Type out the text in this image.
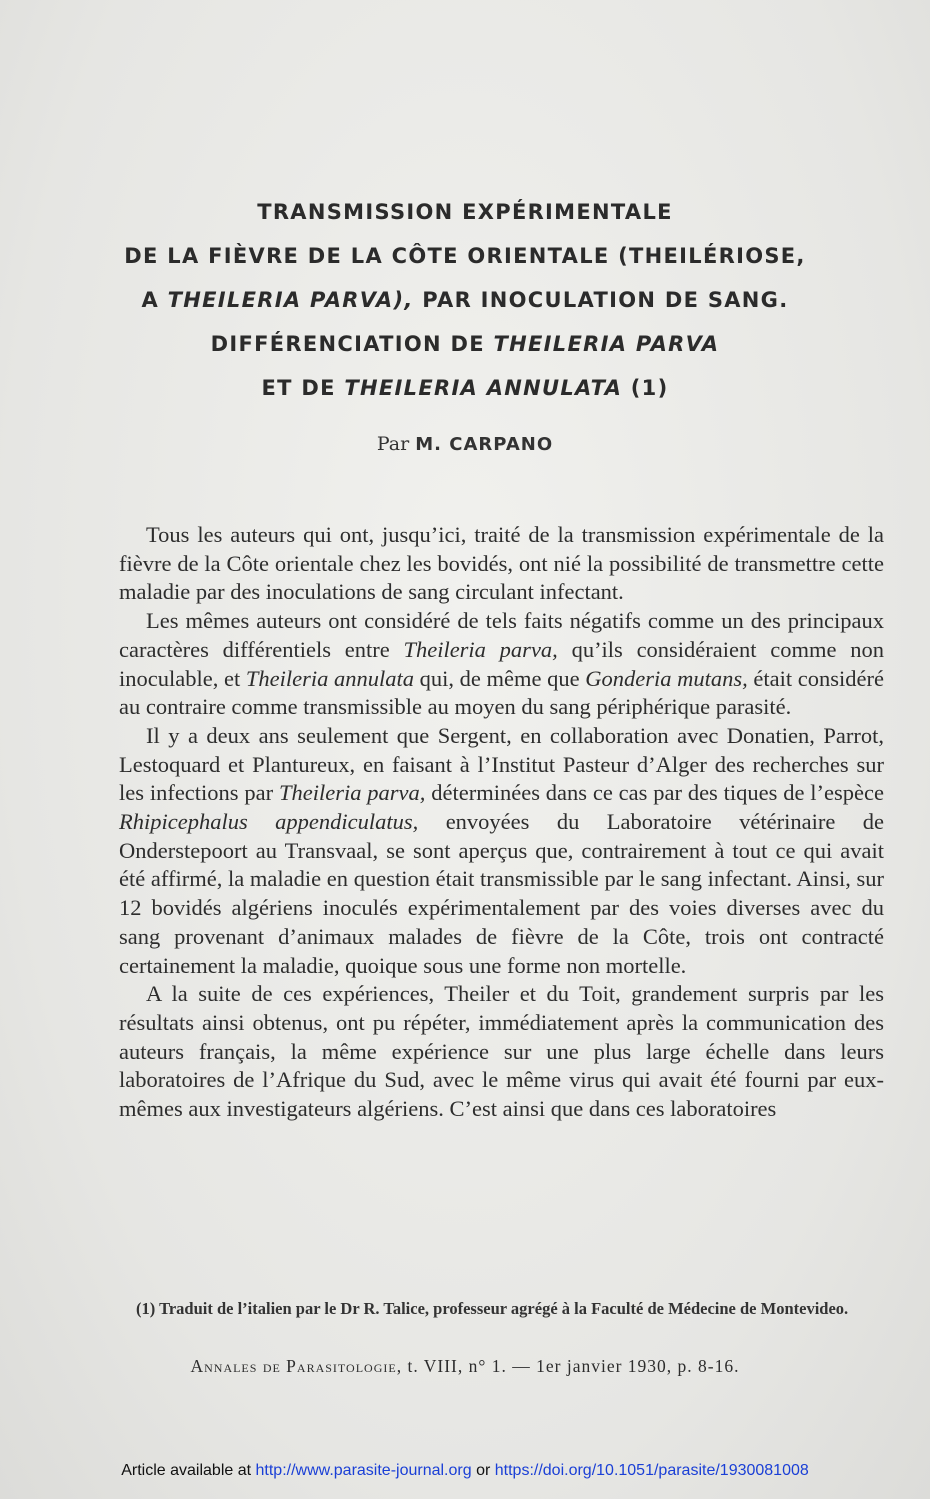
TRANSMISSION EXPÉRIMENTALE
DE LA FIÈVRE DE LA CÔTE ORIENTALE (THEILÉRIOSE,
A THEILERIA PARVA), PAR INOCULATION DE SANG.
DIFFÉRENCIATION DE THEILERIA PARVA
ET DE THEILERIA ANNULATA (1)
Par M. CARPANO

Tous les auteurs qui ont, jusqu’ici, traité de la transmission expérimentale de la fièvre de la Côte orientale chez les bovidés, ont nié la possibilité de transmettre cette maladie par des inoculations de sang circulant infectant.

Les mêmes auteurs ont considéré de tels faits négatifs comme un des principaux caractères différentiels entre Theileria parva, qu’ils considéraient comme non inoculable, et Theileria annulata qui, de même que Gonderia mutans, était considéré au contraire comme transmissible au moyen du sang périphérique parasité.

Il y a deux ans seulement que Sergent, en collaboration avec Donatien, Parrot, Lestoquard et Plantureux, en faisant à l’Institut Pasteur d’Alger des recherches sur les infections par Theileria parva, déterminées dans ce cas par des tiques de l’espèce Rhipicephalus appendiculatus, envoyées du Laboratoire vétérinaire de Onderstepoort au Transvaal, se sont aperçus que, contrairement à tout ce qui avait été affirmé, la maladie en question était transmissible par le sang infectant. Ainsi, sur 12 bovidés algériens inoculés expérimentalement par des voies diverses avec du sang provenant d’animaux malades de fièvre de la Côte, trois ont contracté certainement la maladie, quoique sous une forme non mortelle.

A la suite de ces expériences, Theiler et du Toit, grandement surpris par les résultats ainsi obtenus, ont pu répéter, immédiatement après la communication des auteurs français, la même expérience sur une plus large échelle dans leurs laboratoires de l’Afrique du Sud, avec le même virus qui avait été fourni par eux-mêmes aux investigateurs algériens. C’est ainsi que dans ces laboratoires

(1) Traduit de l’italien par le Dr R. Talice, professeur agrégé à la Faculté de Médecine de Montevideo.
Annales de Parasitologie, t. VIII, n° 1. — 1er janvier 1930, p. 8-16.
Article available at http://www.parasite-journal.org or https://doi.org/10.1051/parasite/1930081008
